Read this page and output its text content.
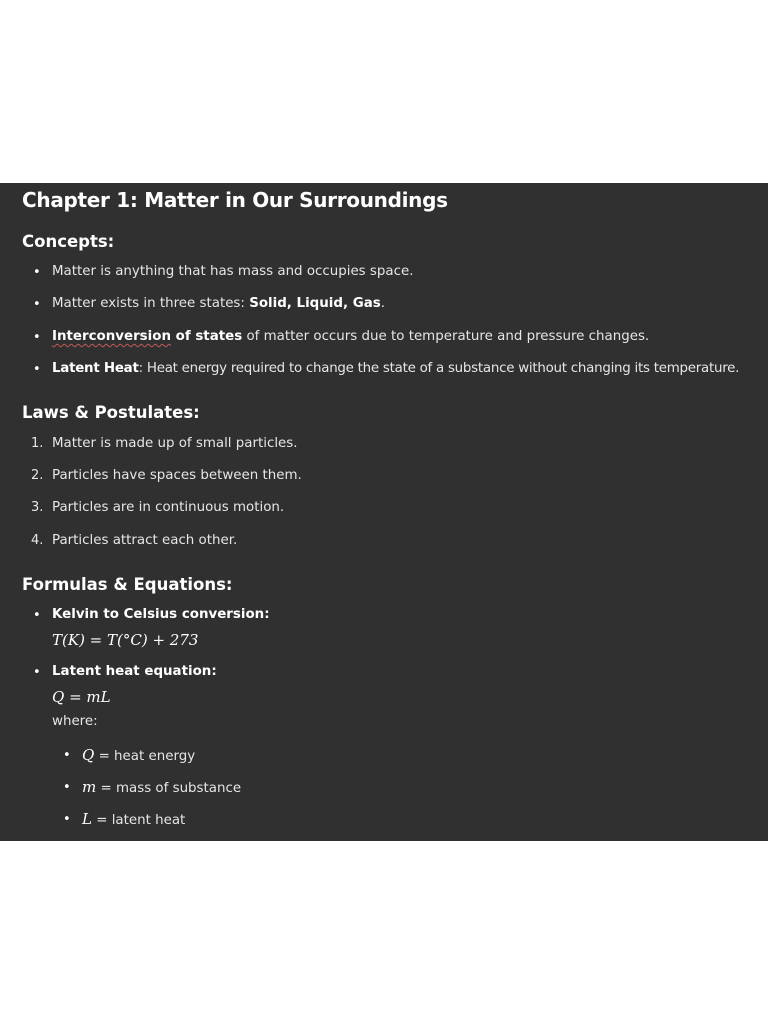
Chapter 1: Matter in Our Surroundings
Concepts:
• Matter is anything that has mass and occupies space.
• Matter exists in three states: Solid, Liquid, Gas.
• Interconversion of states of matter occurs due to temperature and pressure changes.
• Latent Heat: Heat energy required to change the state of a substance without changing its temperature.
Laws & Postulates:
1. Matter is made up of small particles.
2. Particles have spaces between them.
3. Particles are in continuous motion.
4. Particles attract each other.
Formulas & Equations:
• Kelvin to Celsius conversion:
T(K) = T(°C) + 273
• Latent heat equation:
Q = mL
where:
• Q = heat energy
• m = mass of substance
• L = latent heat
